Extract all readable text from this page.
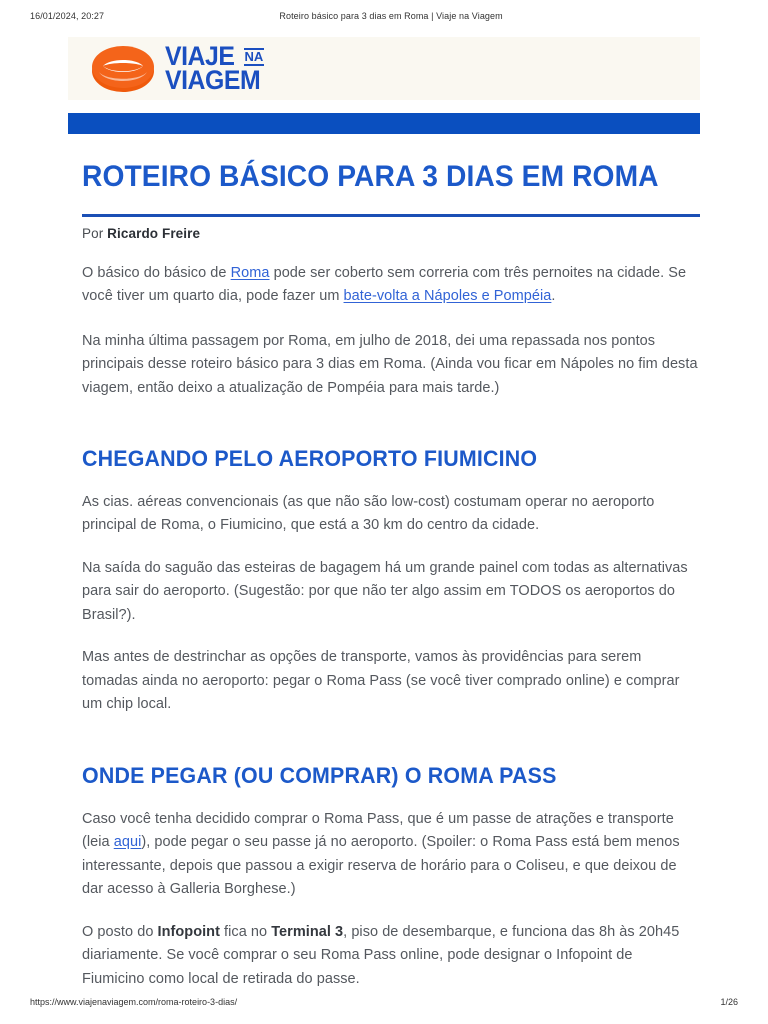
16/01/2024, 20:27	Roteiro básico para 3 dias em Roma | Viaje na Viagem
VIAJE NA
VIAGEM
ROTEIRO BÁSICO PARA 3 DIAS EM ROMA
Por Ricardo Freire

O básico do básico de Roma pode ser coberto sem correria com três pernoites na cidade. Se você tiver um quarto dia, pode fazer um bate-volta a Nápoles e Pompéia.

Na minha última passagem por Roma, em julho de 2018, dei uma repassada nos pontos principais desse roteiro básico para 3 dias em Roma. (Ainda vou ficar em Nápoles no fim desta viagem, então deixo a atualização de Pompéia para mais tarde.)

CHEGANDO PELO AEROPORTO FIUMICINO

As cias. aéreas convencionais (as que não são low-cost) costumam operar no aeroporto principal de Roma, o Fiumicino, que está a 30 km do centro da cidade.

Na saída do saguão das esteiras de bagagem há um grande painel com todas as alternativas para sair do aeroporto. (Sugestão: por que não ter algo assim em TODOS os aeroportos do Brasil?).

Mas antes de destrinchar as opções de transporte, vamos às providências para serem tomadas ainda no aeroporto: pegar o Roma Pass (se você tiver comprado online) e comprar um chip local.

ONDE PEGAR (OU COMPRAR) O ROMA PASS

Caso você tenha decidido comprar o Roma Pass, que é um passe de atrações e transporte (leia aqui), pode pegar o seu passe já no aeroporto. (Spoiler: o Roma Pass está bem menos interessante, depois que passou a exigir reserva de horário para o Coliseu, e que deixou de dar acesso à Galleria Borghese.)

O posto do Infopoint fica no Terminal 3, piso de desembarque, e funciona das 8h às 20h45 diariamente. Se você comprar o seu Roma Pass online, pode designar o Infopoint de Fiumicino como local de retirada do passe.

https://www.viajenaviagem.com/roma-roteiro-3-dias/	1/26
